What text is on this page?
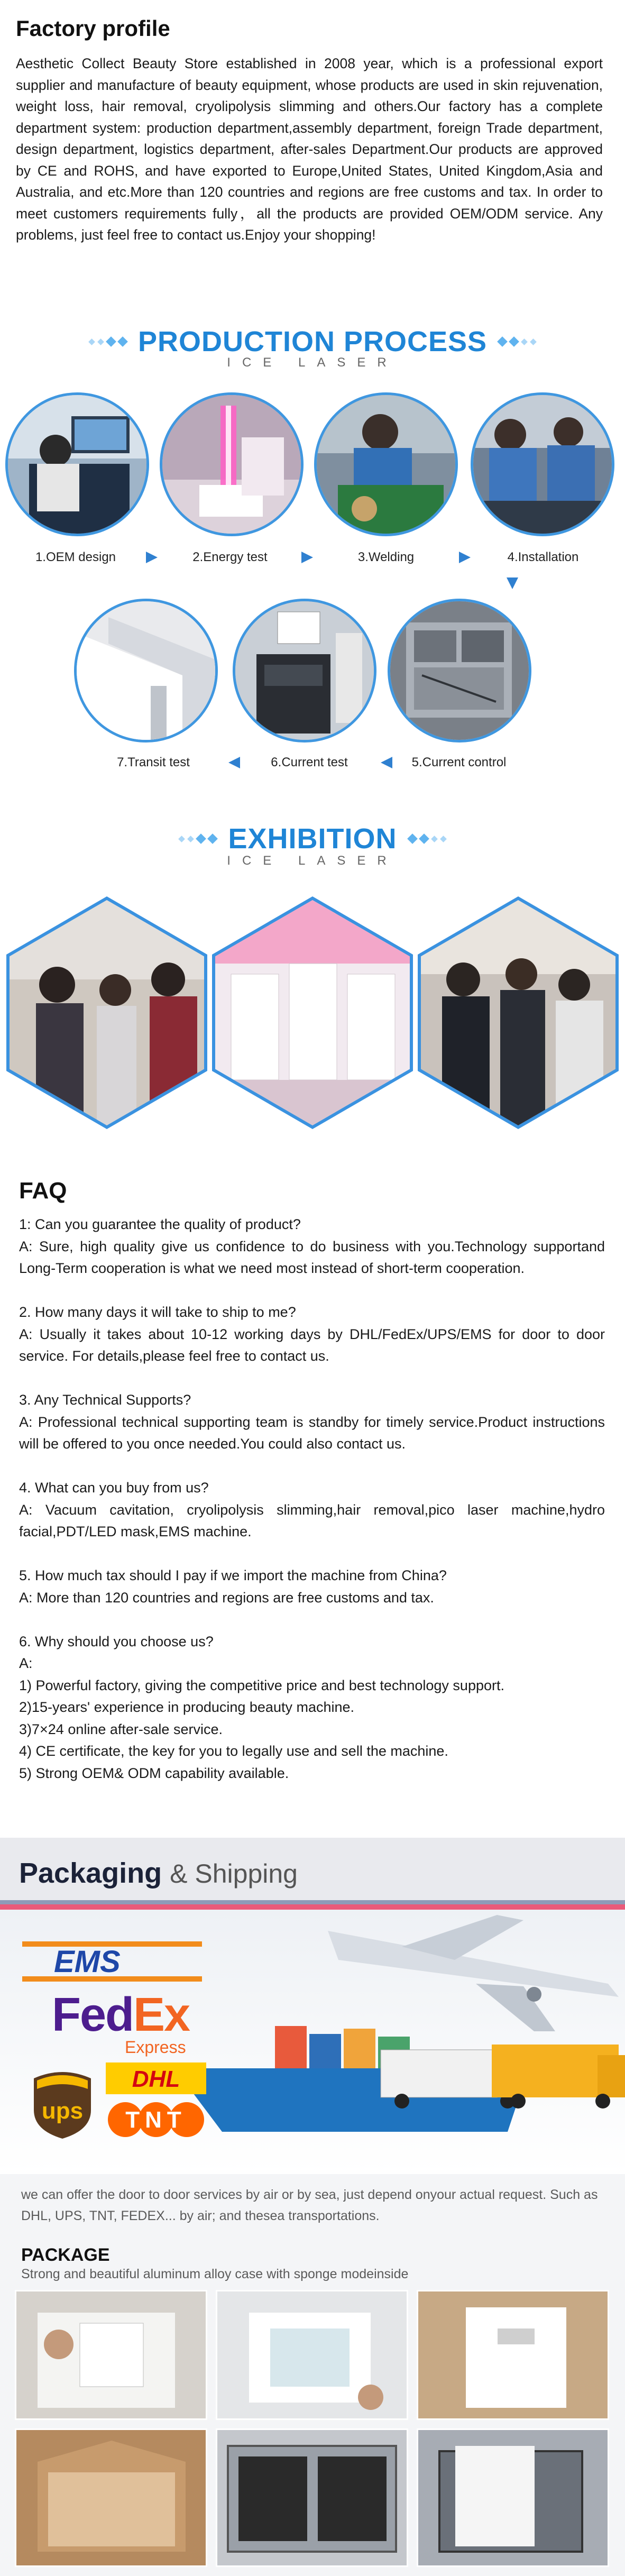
Factory profile

Aesthetic Collect Beauty Store established in 2008 year, which is a professional export supplier and manufacture of beauty equipment, whose products are used in skin rejuvenation, weight loss, hair removal, cryolipolysis slimming and others.Our factory has a complete department system: production department,assembly department, foreign Trade department, design department, logistics department, after-sales Department.Our products are approved by CE and ROHS, and have exported to Europe,United States, United Kingdom,Asia and Australia, and etc.More than 120 countries and regions are free customs and tax. In order to meet customers requirements fully，all the products are provided OEM/ODM service. Any problems, just feel free to contact us.Enjoy your shopping!

PRODUCTION PROCESS
ICE LASER
1.OEM design	2.Energy test	3.Welding	4.Installation
7.Transit test	6.Current test	5.Current control
EXHIBITION
ICE LASER
FAQ
1: Can you guarantee the quality of product?
A: Sure, high quality give us confidence to do business with you.Technology supportand Long-Term cooperation is what we need most instead of short-term cooperation.
2. How many days it will take to ship to me?
A: Usually it takes about 10-12 working days by DHL/FedEx/UPS/EMS for door to door service. For details,please feel free to contact us.
3. Any Technical Supports?
A: Professional technical supporting team is standby for timely service.Product instructions will be offered to you once needed.You could also contact us.
4. What can you buy from us?
A: Vacuum cavitation, cryolipolysis slimming,hair removal,pico laser machine,hydro facial,PDT/LED mask,EMS machine.
5. How much tax should I pay if we import the machine from China?
A: More than 120 countries and regions are free customs and tax.
6. Why should you choose us?
A:
1) Powerful factory, giving the competitive price and best technology support.
2)15-years' experience in producing beauty machine.
3)7×24 online after-sale service.
4) CE certificate, the key for you to legally use and sell the machine.
5) Strong OEM& ODM capability available.
Packaging & Shipping
EMS
FedEx
Express
ups
DHL
TNT
we can offer the door to door services by air or by sea, just depend onyour actual request. Such as DHL, UPS, TNT, FEDEX... by air; and thesea transportations.
PACKAGE
Strong and beautiful aluminum alloy case with sponge modeinside
